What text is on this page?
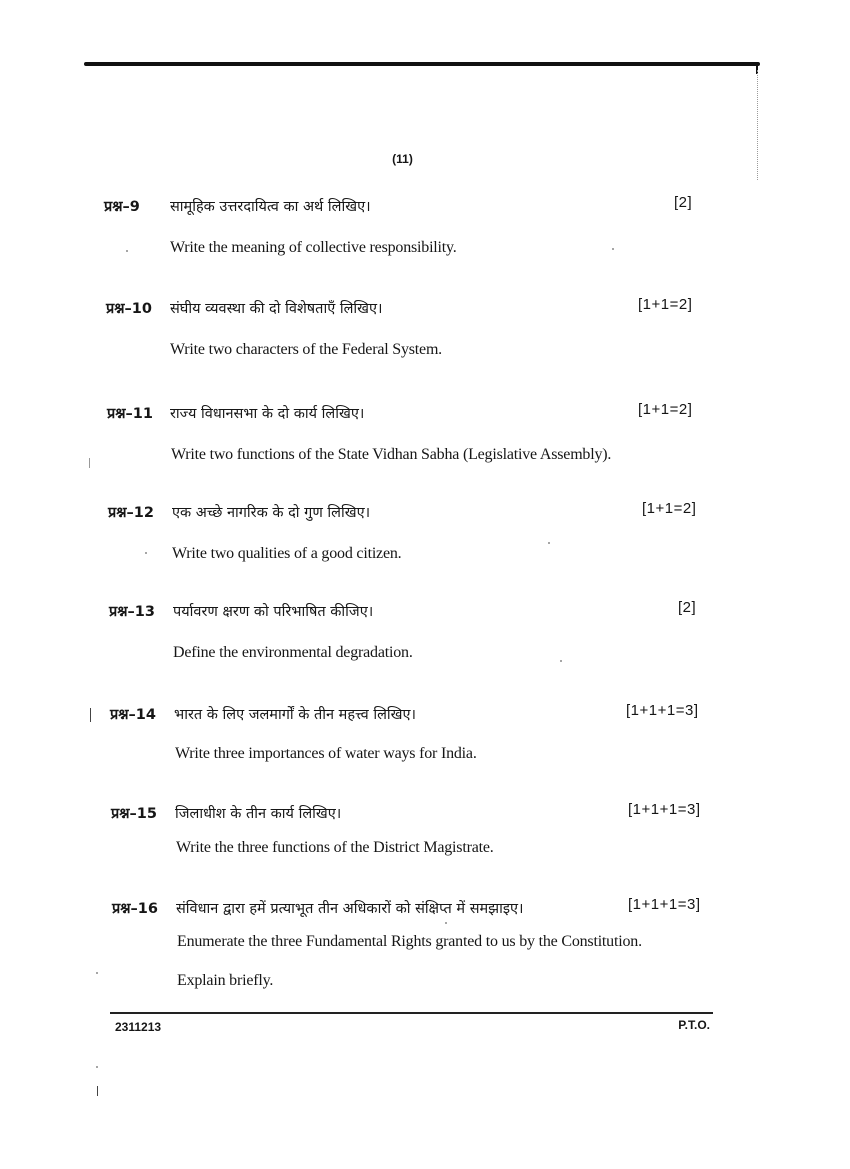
(11)
प्रश्न–9 सामूहिक उत्तरदायित्व का अर्थ लिखिए।	[2]
Write the meaning of collective responsibility.
प्रश्न–10 संघीय व्यवस्था की दो विशेषताएँ लिखिए।	[1+1=2]
Write two characters of the Federal System.
प्रश्न–11 राज्य विधानसभा के दो कार्य लिखिए।	[1+1=2]
Write two functions of the State Vidhan Sabha (Legislative Assembly).
प्रश्न–12 एक अच्छे नागरिक के दो गुण लिखिए।	[1+1=2]
Write two qualities of a good citizen.
प्रश्न–13 पर्यावरण क्षरण को परिभाषित कीजिए।	[2]
Define the environmental degradation.
प्रश्न–14 भारत के लिए जलमार्गों के तीन महत्त्व लिखिए।	[1+1+1=3]
Write three importances of water ways for India.
प्रश्न–15 जिलाधीश के तीन कार्य लिखिए।	[1+1+1=3]
Write the three functions of the District Magistrate.
प्रश्न–16 संविधान द्वारा हमें प्रत्याभूत तीन अधिकारों को संक्षिप्त में समझाइए।	[1+1+1=3]
Enumerate the three Fundamental Rights granted to us by the Constitution.
Explain briefly.
2311213	P.T.O.
